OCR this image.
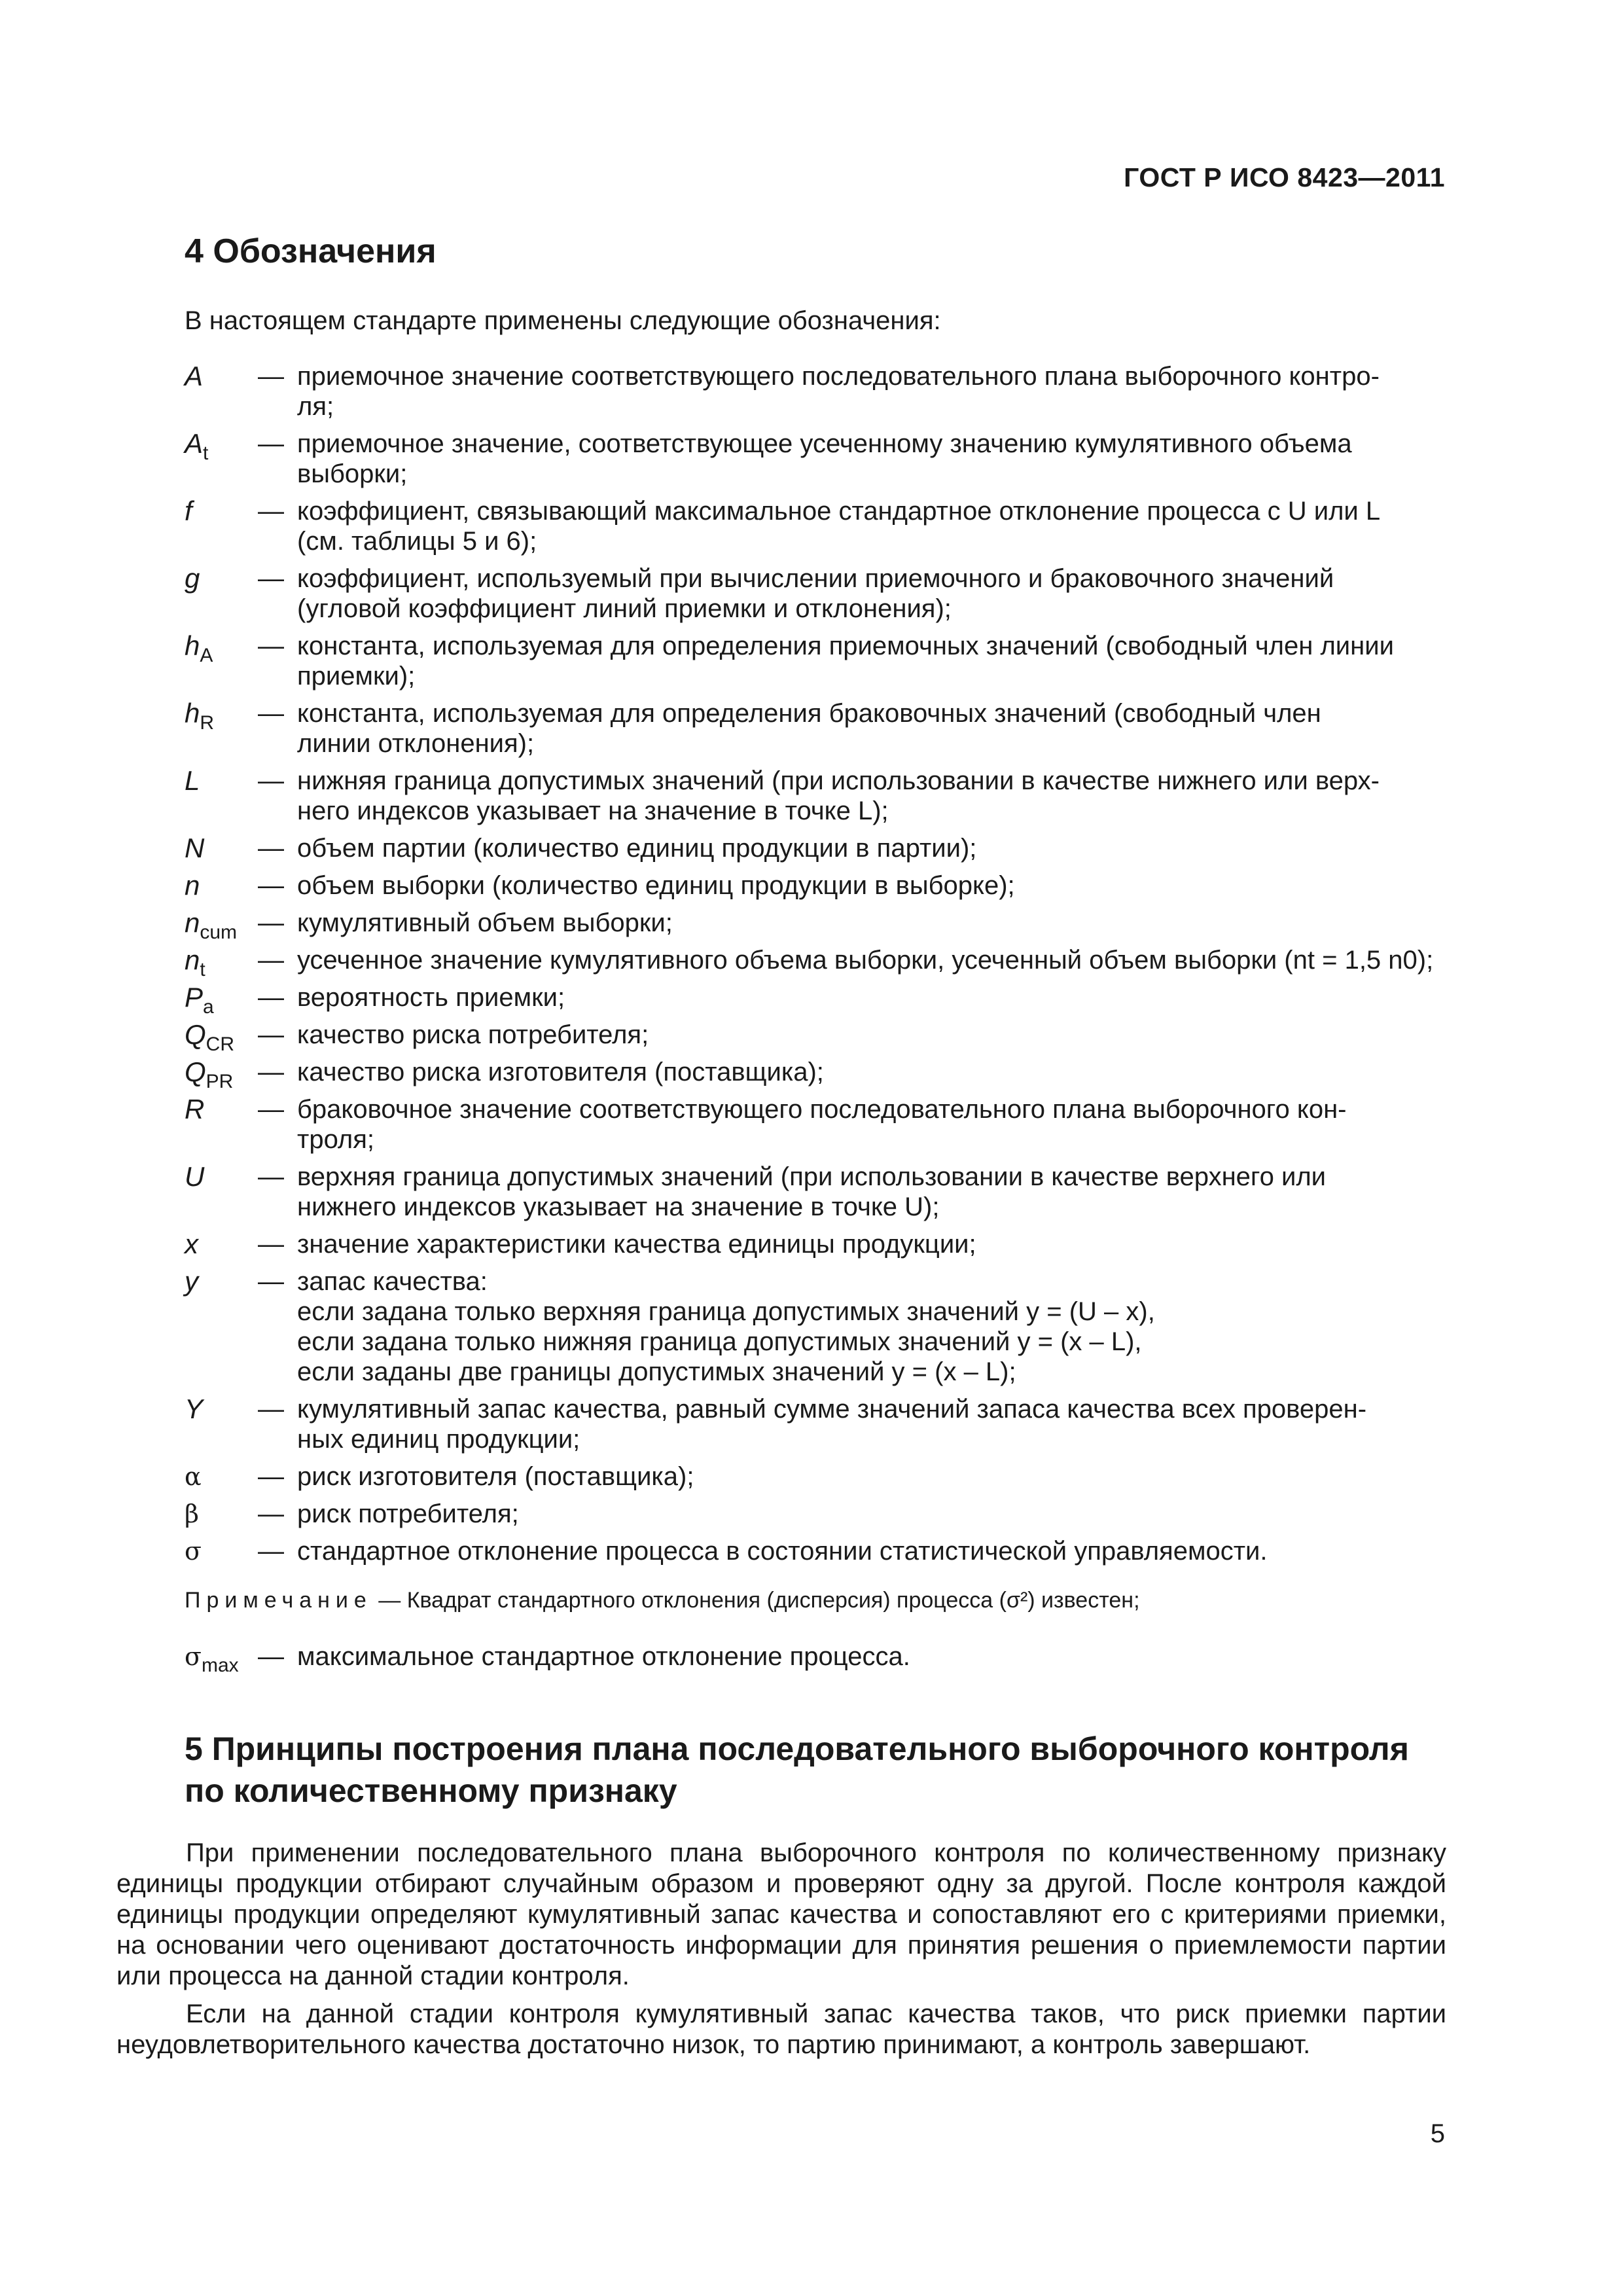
ГОСТ Р ИСО 8423—2011
4 Обозначения
В настоящем стандарте применены следующие обозначения:
A	— приемочное значение соответствующего последовательного плана выборочного контро-
ля;
$A_t$	— приемочное значение, соответствующее усеченному значению кумулятивного объема
выборки;
f	— коэффициент, связывающий максимальное стандартное отклонение процесса с U или L
(см. таблицы 5 и 6);
g	— коэффициент, используемый при вычислении приемочного и браковочного значений
(угловой коэффициент линий приемки и отклонения);
$h_A$	— константа, используемая для определения приемочных значений (свободный член линии
приемки);
$h_R$	— константа, используемая для определения браковочных значений (свободный член
линии отклонения);
L	— нижняя граница допустимых значений (при использовании в качестве нижнего или верх-
него индексов указывает на значение в точке L);
N	— объем партии (количество единиц продукции в партии);
n	— объем выборки (количество единиц продукции в выборке);
$n_{cum}$ — кумулятивный объем выборки;
$n_t$	— усеченное значение кумулятивного объема выборки, усеченный объем выборки (nt = 1,5 n0);
$P_a$	— вероятность приемки;
$Q_{CR}$ — качество риска потребителя;
$Q_{PR}$ — качество риска изготовителя (поставщика);
R	— браковочное значение соответствующего последовательного плана выборочного кон-
троля;
U	— верхняя граница допустимых значений (при использовании в качестве верхнего или
нижнего индексов указывает на значение в точке U);
x	— значение характеристики качества единицы продукции;
y	— запас качества:
если задана только верхняя граница допустимых значений y = (U – x),
если задана только нижняя граница допустимых значений y = (x – L),
если заданы две границы допустимых значений y = (x – L);
Y	— кумулятивный запас качества, равный сумме значений запаса качества всех проверен-
ных единиц продукции;
α	— риск изготовителя (поставщика);
β	— риск потребителя;
σ	— стандартное отклонение процесса в состоянии статистической управляемости.
Примечание — Квадрат стандартного отклонения (дисперсия) процесса (σ²) известен;
$\sigma_{max}$ — максимальное стандартное отклонение процесса.
5 Принципы построения плана последовательного выборочного контроля по количественному признаку

При применении последовательного плана выборочного контроля по количественному признаку единицы продукции отбирают случайным образом и проверяют одну за другой. После контроля каждой единицы продукции определяют кумулятивный запас качества и сопоставляют его с критериями приемки, на основании чего оценивают достаточность информации для принятия решения о приемлемости партии или процесса на данной стадии контроля.

Если на данной стадии контроля кумулятивный запас качества таков, что риск приемки партии неудовлетворительного качества достаточно низок, то партию принимают, а контроль завершают.

5
